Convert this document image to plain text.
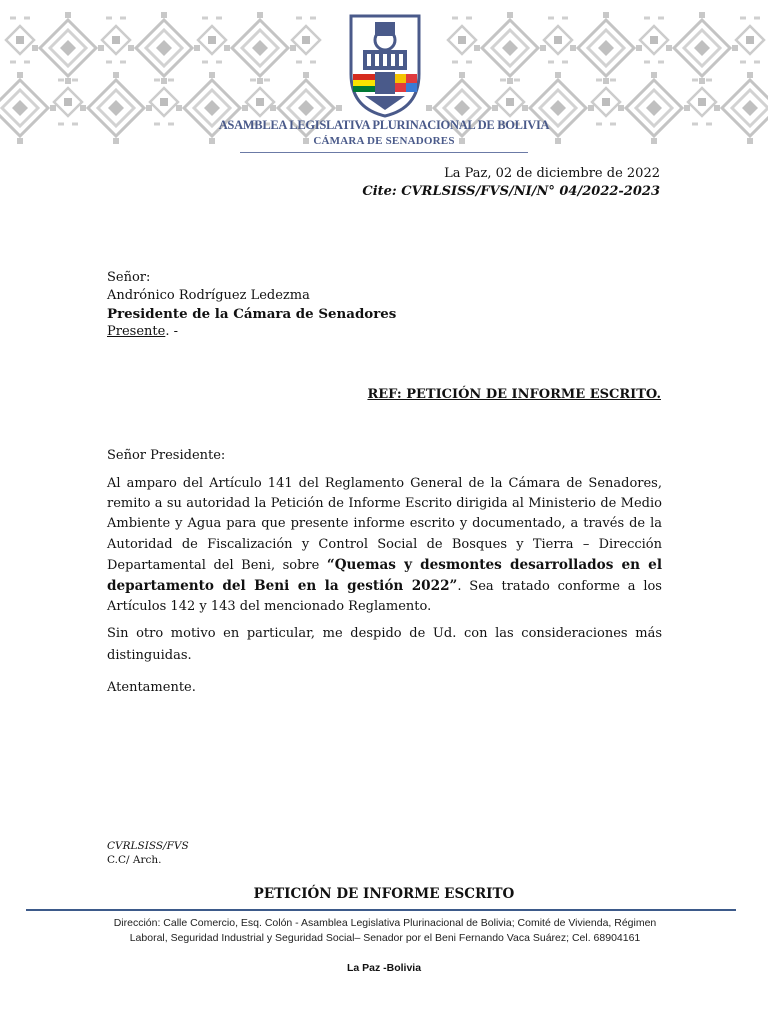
ASAMBLEA LEGISLATIVA PLURINACIONAL DE BOLIVIA
CÁMARA DE SENADORES
La Paz, 02 de diciembre de 2022
Cite: CVRLSISS/FVS/NI/N° 04/2022-2023
Señor:
Andrónico Rodríguez Ledezma
Presidente de la Cámara de Senadores
Presente. -
REF: PETICIÓN DE INFORME ESCRITO.
Señor Presidente:
Al amparo del Artículo 141 del Reglamento General de la Cámara de Senadores, remito a su autoridad la Petición de Informe Escrito dirigida al Ministerio de Medio Ambiente y Agua para que presente informe escrito y documentado, a través de la Autoridad de Fiscalización y Control Social de Bosques y Tierra – Dirección Departamental del Beni, sobre “Quemas y desmontes desarrollados en el departamento del Beni en la gestión 2022”. Sea tratado conforme a los Artículos 142 y 143 del mencionado Reglamento.
Sin otro motivo en particular, me despido de Ud. con las consideraciones más distinguidas.
Atentamente.
CVRLSISS/FVS
C.C/ Arch.
PETICIÓN DE INFORME ESCRITO
Dirección: Calle Comercio, Esq. Colón - Asamblea Legislativa Plurinacional de Bolivia; Comité de Vivienda, Régimen Laboral, Seguridad Industrial y Seguridad Social– Senador por el Beni Fernando Vaca Suárez; Cel. 68904161
La Paz -Bolivia
